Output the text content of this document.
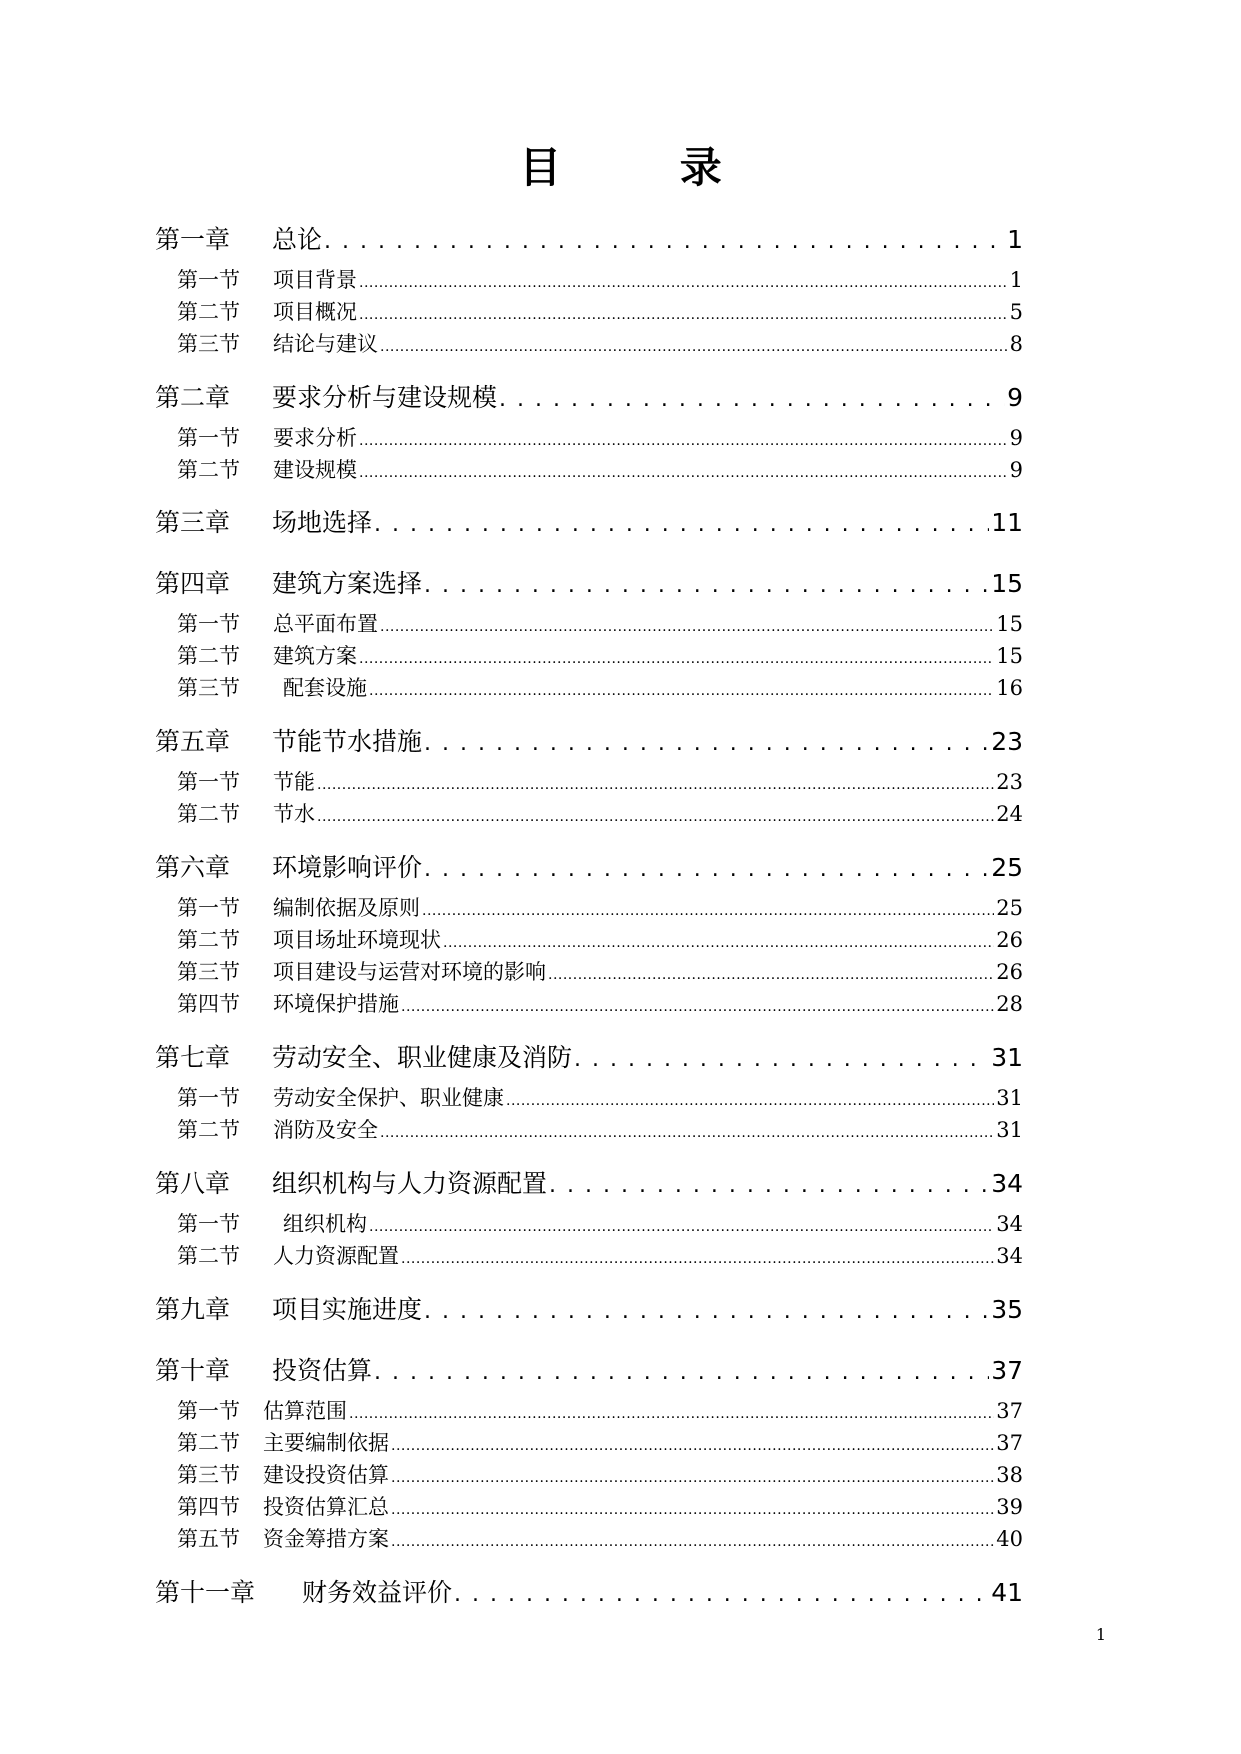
目 录
第一章	总论 . . .	1
第一节	项目背景 .....	1
第二节	项目概况 .....	5
第三节	结论与建议 .....	8
第二章	要求分析与建设规模 . . .	9
第一节	要求分析 .....	9
第二节	建设规模 .....	9
第三章	场地选择 . . .	11
第四章	建筑方案选择 . . .	15
第一节	总平面布置 .....	15
第二节	建筑方案 .....	15
第三节	配套设施 .....	16
第五章	节能节水措施 . . .	23
第一节	节能 .....	23
第二节	节水 .....	24
第六章	环境影响评价 . . .	25
第一节	编制依据及原则 .....	25
第二节	项目场址环境现状 .....	26
第三节	项目建设与运营对环境的影响 .....	26
第四节	环境保护措施 .....	28
第七章	劳动安全、职业健康及消防 . . .	31
第一节	劳动安全保护、职业健康 .....	31
第二节	消防及安全 .....	31
第八章	组织机构与人力资源配置 . . .	34
第一节	组织机构 .....	34
第二节	人力资源配置 .....	34
第九章	项目实施进度 . . .	35
第十章	投资估算 . . .	37
第一节	估算范围 .....	37
第二节	主要编制依据 .....	37
第三节	建设投资估算 .....	38
第四节	投资估算汇总 .....	39
第五节	资金筹措方案 .....	40
第十一章	财务效益评价 . . .	41
1
